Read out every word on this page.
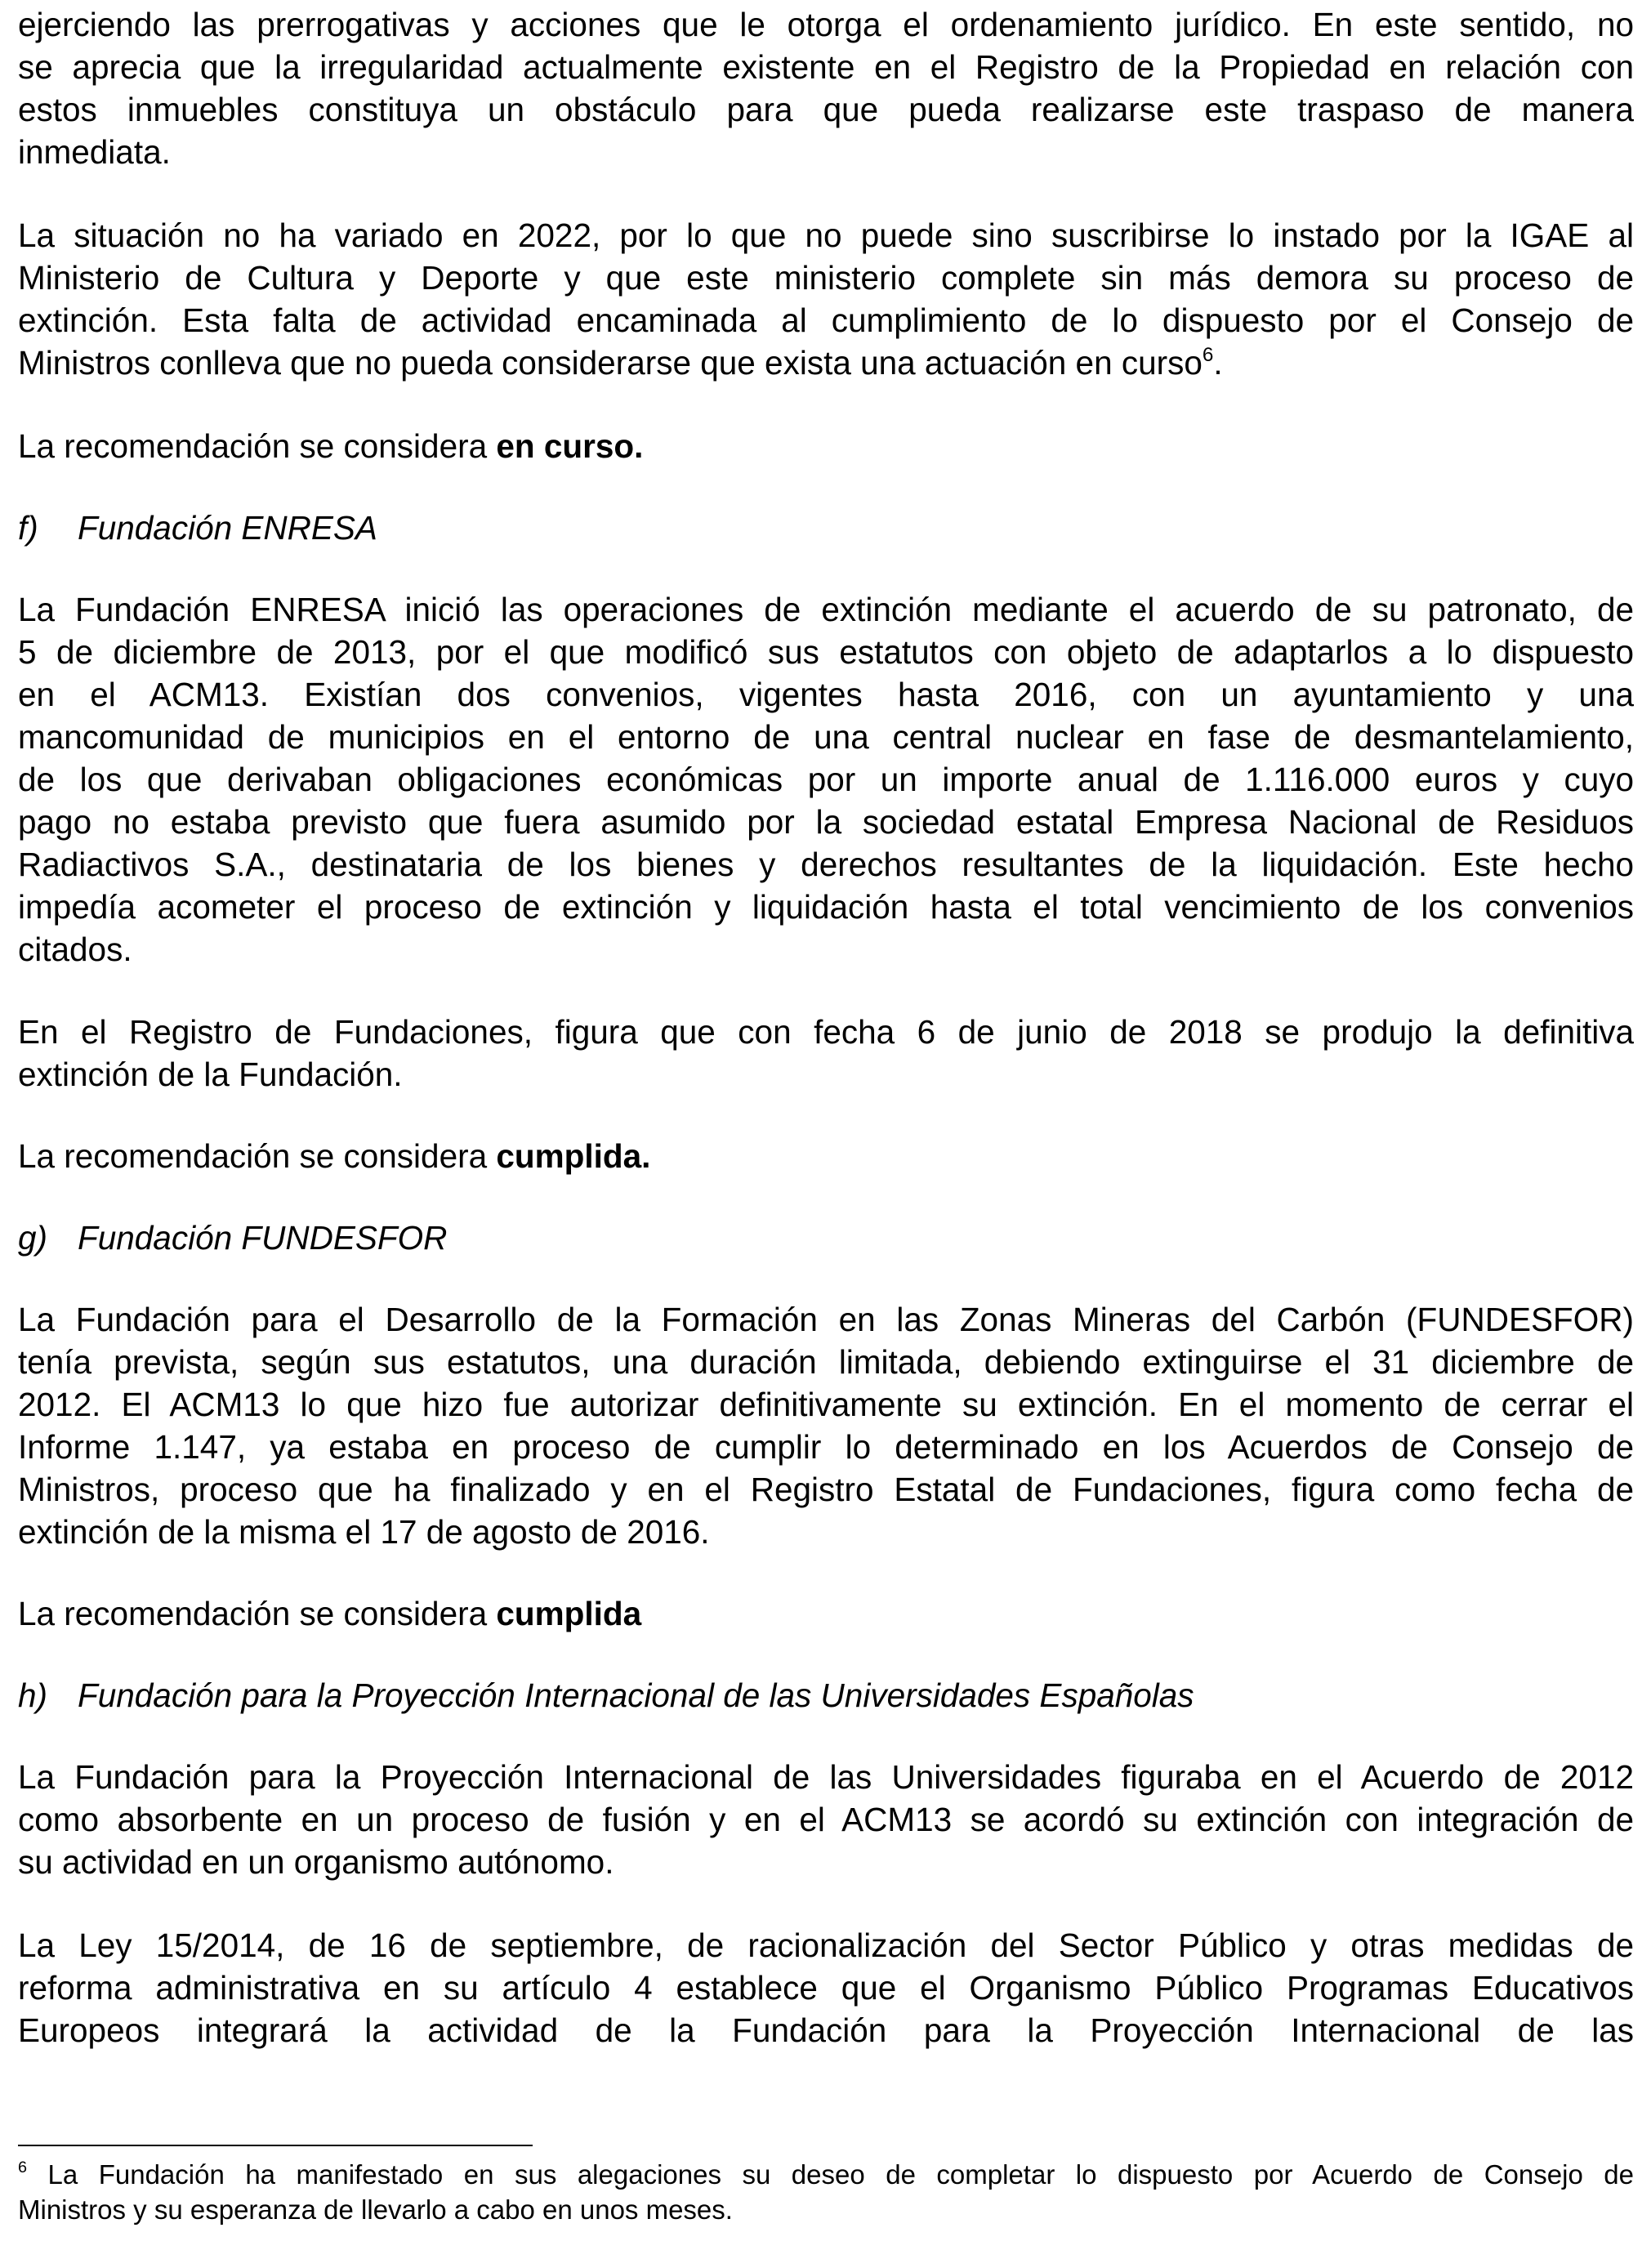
ejerciendo las prerrogativas y acciones que le otorga el ordenamiento jurídico. En este sentido, no
se aprecia que la irregularidad actualmente existente en el Registro de la Propiedad en relación con
estos inmuebles constituya un obstáculo para que pueda realizarse este traspaso de manera
inmediata.
La situación no ha variado en 2022, por lo que no puede sino suscribirse lo instado por la IGAE al
Ministerio de Cultura y Deporte y que este ministerio complete sin más demora su proceso de
extinción. Esta falta de actividad encaminada al cumplimiento de lo dispuesto por el Consejo de
Ministros conlleva que no pueda considerarse que exista una actuación en curso$^6$.
La recomendación se considera en curso.
f) Fundación ENRESA
La Fundación ENRESA inició las operaciones de extinción mediante el acuerdo de su patronato, de
5 de diciembre de 2013, por el que modificó sus estatutos con objeto de adaptarlos a lo dispuesto
en el ACM13. Existían dos convenios, vigentes hasta 2016, con un ayuntamiento y una
mancomunidad de municipios en el entorno de una central nuclear en fase de desmantelamiento,
de los que derivaban obligaciones económicas por un importe anual de 1.116.000 euros y cuyo
pago no estaba previsto que fuera asumido por la sociedad estatal Empresa Nacional de Residuos
Radiactivos S.A., destinataria de los bienes y derechos resultantes de la liquidación. Este hecho
impedía acometer el proceso de extinción y liquidación hasta el total vencimiento de los convenios
citados.
En el Registro de Fundaciones, figura que con fecha 6 de junio de 2018 se produjo la definitiva
extinción de la Fundación.
La recomendación se considera cumplida.
g) Fundación FUNDESFOR
La Fundación para el Desarrollo de la Formación en las Zonas Mineras del Carbón (FUNDESFOR)
tenía prevista, según sus estatutos, una duración limitada, debiendo extinguirse el 31 diciembre de
2012. El ACM13 lo que hizo fue autorizar definitivamente su extinción. En el momento de cerrar el
Informe 1.147, ya estaba en proceso de cumplir lo determinado en los Acuerdos de Consejo de
Ministros, proceso que ha finalizado y en el Registro Estatal de Fundaciones, figura como fecha de
extinción de la misma el 17 de agosto de 2016.
La recomendación se considera cumplida
h) Fundación para la Proyección Internacional de las Universidades Españolas
La Fundación para la Proyección Internacional de las Universidades figuraba en el Acuerdo de 2012
como absorbente en un proceso de fusión y en el ACM13 se acordó su extinción con integración de
su actividad en un organismo autónomo.
La Ley 15/2014, de 16 de septiembre, de racionalización del Sector Público y otras medidas de
reforma administrativa en su artículo 4 establece que el Organismo Público Programas Educativos
Europeos integrará la actividad de la Fundación para la Proyección Internacional de las
$^6$ La Fundación ha manifestado en sus alegaciones su deseo de completar lo dispuesto por Acuerdo de Consejo de
Ministros y su esperanza de llevarlo a cabo en unos meses.
